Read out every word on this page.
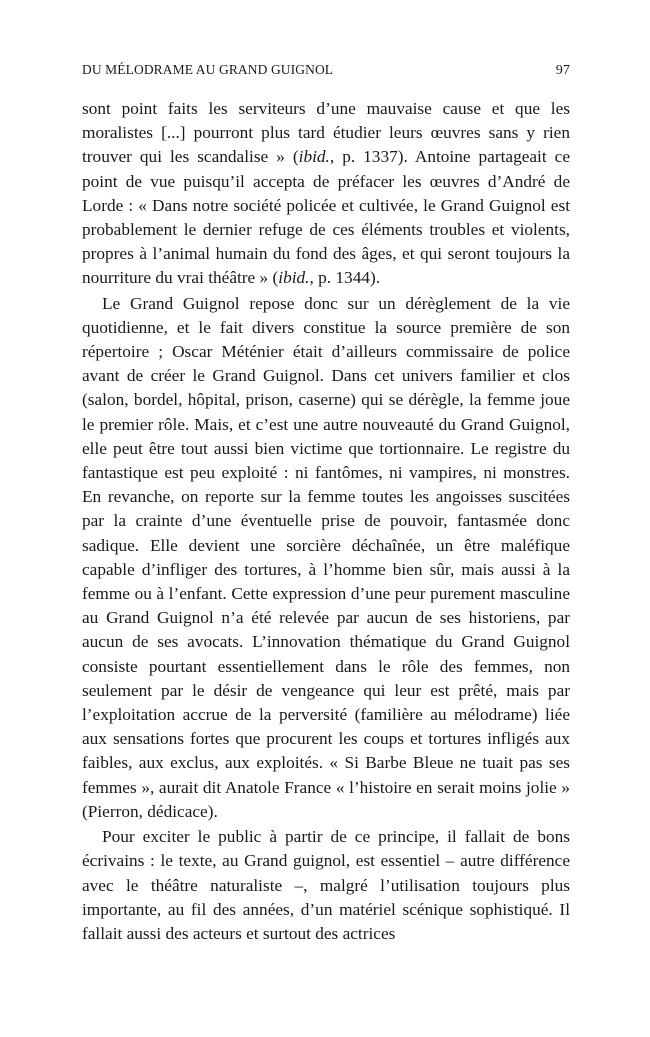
DU MÉLODRAME AU GRAND GUIGNOL	97

sont point faits les serviteurs d’une mauvaise cause et que les moralistes [...] pourront plus tard étudier leurs œuvres sans y rien trouver qui les scandalise » (ibid., p. 1337). Antoine partageait ce point de vue puisqu’il accepta de préfacer les œuvres d’André de Lorde : « Dans notre société policée et cultivée, le Grand Guignol est probablement le dernier refuge de ces éléments troubles et violents, propres à l’animal humain du fond des âges, et qui seront toujours la nourriture du vrai théâtre » (ibid., p. 1344).

Le Grand Guignol repose donc sur un dérèglement de la vie quotidienne, et le fait divers constitue la source première de son répertoire ; Oscar Méténier était d’ailleurs commissaire de police avant de créer le Grand Guignol. Dans cet univers familier et clos (salon, bordel, hôpital, prison, caserne) qui se dérègle, la femme joue le premier rôle. Mais, et c’est une autre nouveauté du Grand Guignol, elle peut être tout aussi bien victime que tortionnaire. Le registre du fantastique est peu exploité : ni fantômes, ni vampires, ni monstres. En revanche, on reporte sur la femme toutes les angoisses suscitées par la crainte d’une éventuelle prise de pouvoir, fantasmée donc sadique. Elle devient une sorcière déchaînée, un être maléfique capable d’infliger des tortures, à l’homme bien sûr, mais aussi à la femme ou à l’enfant. Cette expression d’une peur purement masculine au Grand Guignol n’a été relevée par aucun de ses historiens, par aucun de ses avocats. L’innovation thématique du Grand Guignol consiste pourtant essentiellement dans le rôle des femmes, non seulement par le désir de vengeance qui leur est prêté, mais par l’exploitation accrue de la perversité (familière au mélodrame) liée aux sensations fortes que procurent les coups et tortures infligés aux faibles, aux exclus, aux exploités. « Si Barbe Bleue ne tuait pas ses femmes », aurait dit Anatole France « l’histoire en serait moins jolie » (Pierron, dédicace).

Pour exciter le public à partir de ce principe, il fallait de bons écrivains : le texte, au Grand guignol, est essentiel – autre différence avec le théâtre naturaliste –, malgré l’utilisation toujours plus importante, au fil des années, d’un matériel scénique sophistiqué. Il fallait aussi des acteurs et surtout des actrices
